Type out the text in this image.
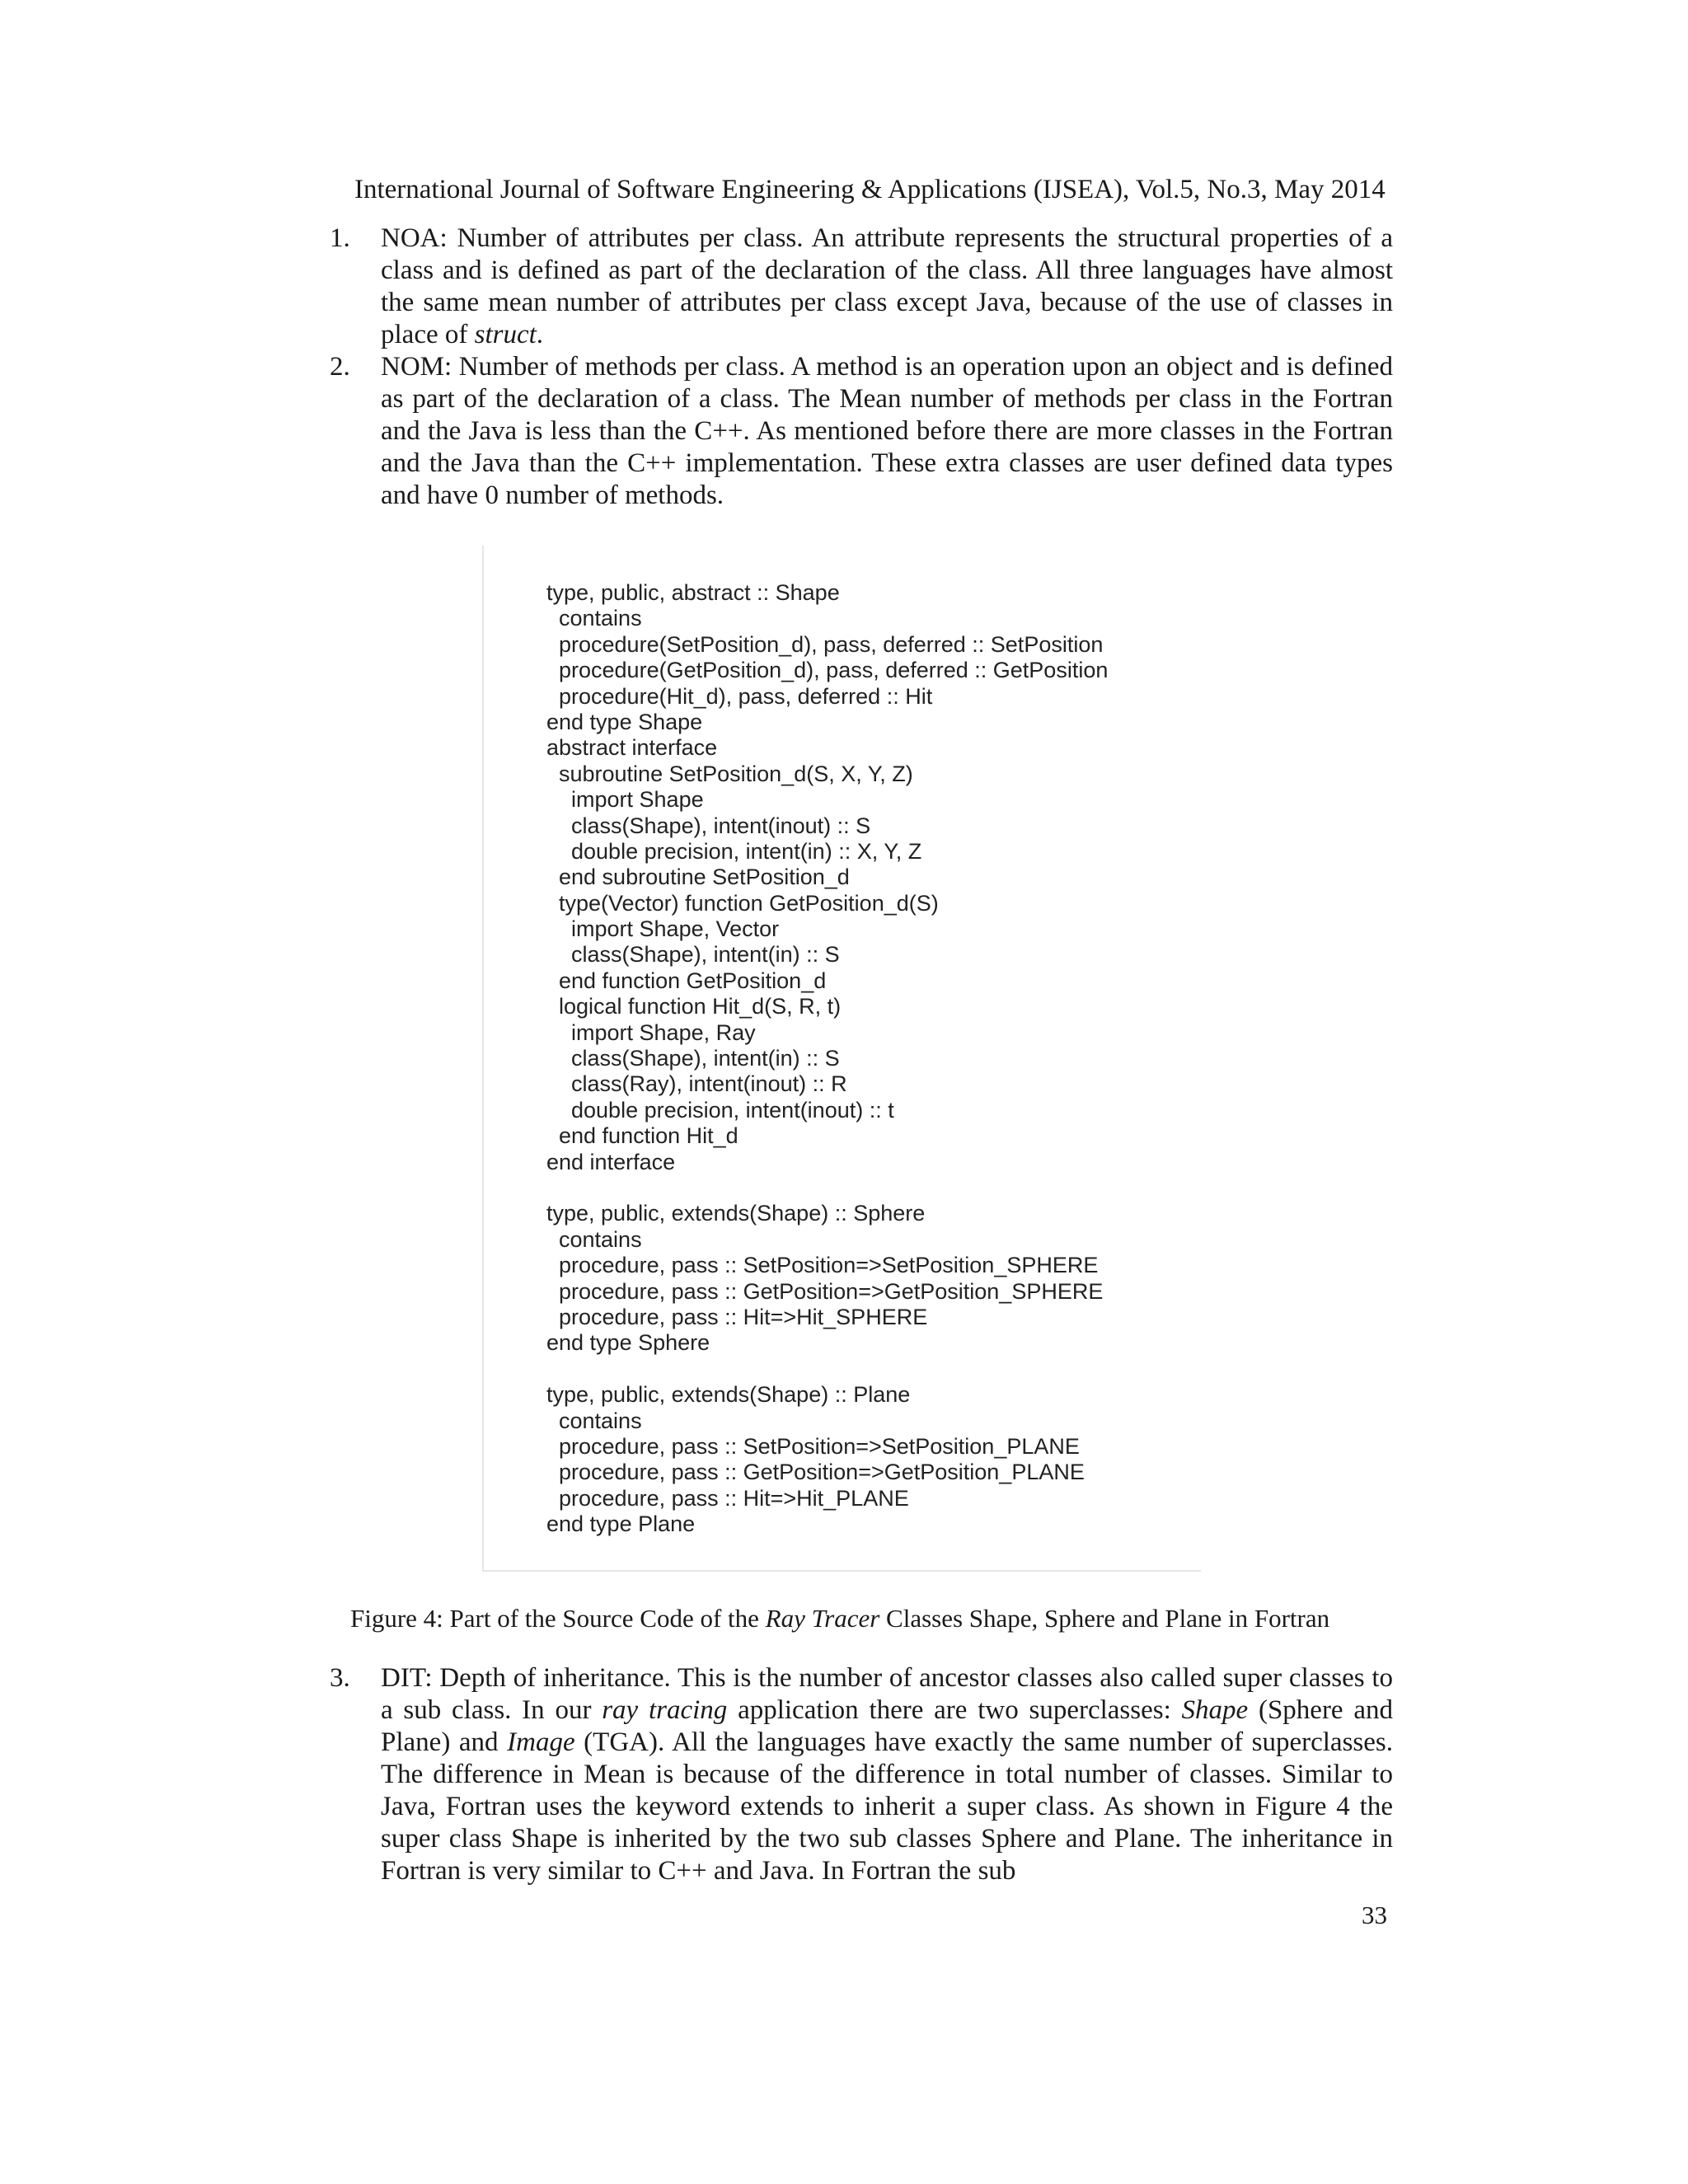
International Journal of Software Engineering & Applications (IJSEA), Vol.5, No.3, May 2014
1. NOA: Number of attributes per class. An attribute represents the structural properties of a class and is defined as part of the declaration of the class. All three languages have almost the same mean number of attributes per class except Java, because of the use of classes in place of struct.
2. NOM: Number of methods per class. A method is an operation upon an object and is defined as part of the declaration of a class. The Mean number of methods per class in the Fortran and the Java is less than the C++. As mentioned before there are more classes in the Fortran and the Java than the C++ implementation. These extra classes are user defined data types and have 0 number of methods.
type, public, abstract :: Shape
contains
procedure(SetPosition_d), pass, deferred :: SetPosition
procedure(GetPosition_d), pass, deferred :: GetPosition
procedure(Hit_d), pass, deferred :: Hit
end type Shape
abstract interface
subroutine SetPosition_d(S, X, Y, Z)
import Shape
class(Shape), intent(inout) :: S
double precision, intent(in) :: X, Y, Z
end subroutine SetPosition_d
type(Vector) function GetPosition_d(S)
import Shape, Vector
class(Shape), intent(in) :: S
end function GetPosition_d
logical function Hit_d(S, R, t)
import Shape, Ray
class(Shape), intent(in) :: S
class(Ray), intent(inout) :: R
double precision, intent(inout) :: t
end function Hit_d
end interface
type, public, extends(Shape) :: Sphere
contains
procedure, pass :: SetPosition=>SetPosition_SPHERE
procedure, pass :: GetPosition=>GetPosition_SPHERE
procedure, pass :: Hit=>Hit_SPHERE
end type Sphere
type, public, extends(Shape) :: Plane
contains
procedure, pass :: SetPosition=>SetPosition_PLANE
procedure, pass :: GetPosition=>GetPosition_PLANE
procedure, pass :: Hit=>Hit_PLANE
end type Plane
Figure 4: Part of the Source Code of the Ray Tracer Classes Shape, Sphere and Plane in Fortran
3. DIT: Depth of inheritance. This is the number of ancestor classes also called super classes to a sub class. In our ray tracing application there are two superclasses: Shape (Sphere and Plane) and Image (TGA). All the languages have exactly the same number of superclasses. The difference in Mean is because of the difference in total number of classes. Similar to Java, Fortran uses the keyword extends to inherit a super class. As shown in Figure 4 the super class Shape is inherited by the two sub classes Sphere and Plane. The inheritance in Fortran is very similar to C++ and Java. In Fortran the sub
33
